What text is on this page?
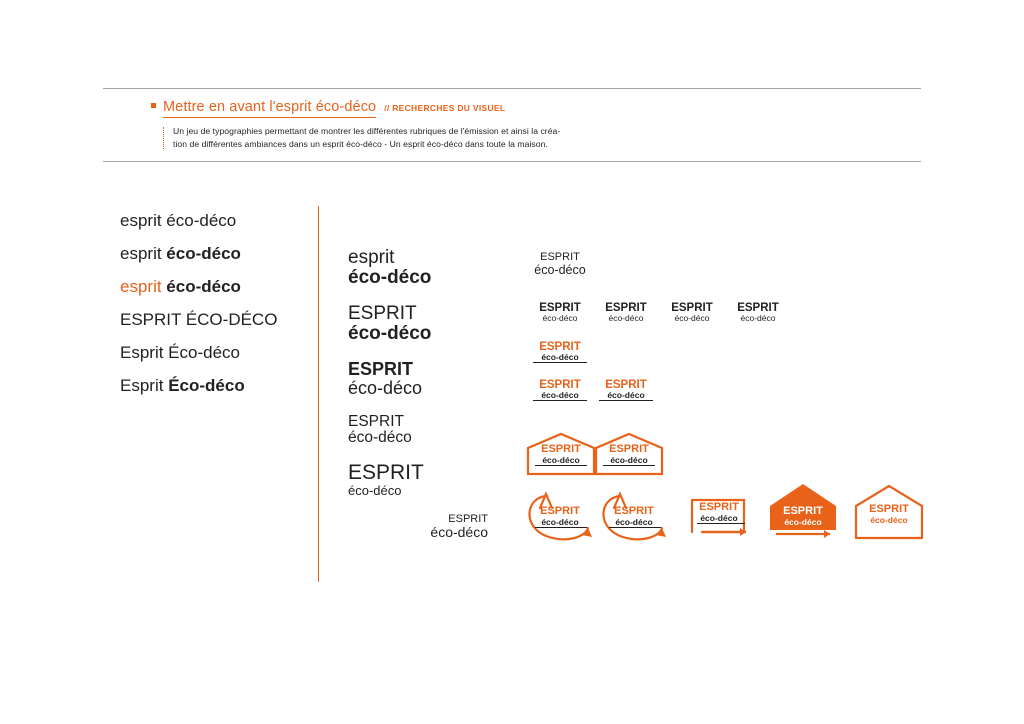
Mettre en avant l'esprit éco-déco // RECHERCHES DU VISUEL
Un jeu de typographies permettant de montrer les différentes rubriques de l'émission et ainsi la créa-
tion de différentes ambiances dans un esprit éco-déco - Un esprit éco-déco dans toute la maison.
esprit éco-déco
esprit éco-déco
esprit éco-déco
ESPRIT ÉCO-DÉCO
Esprit Éco-déco
Esprit Éco-déco
esprit
éco-déco
ESPRIT
éco-déco
ESPRIT
éco-déco
ESPRIT
éco-déco
ESPRIT
éco-déco
ESPRIT
éco-déco
ESPRIT
éco-déco
ESPRIT
éco-déco
ESPRIT
éco-déco
ESPRIT
éco-déco
ESPRIT
éco-déco
ESPRIT
éco-déco
ESPRIT
éco-déco
ESPRIT
éco-déco
ESPRIT
éco-déco
ESPRIT
éco-déco
ESPRIT
éco-déco
ESPRIT
éco-déco
ESPRIT
éco-déco
ESPRIT
éco-déco
ESPRIT
éco-déco
